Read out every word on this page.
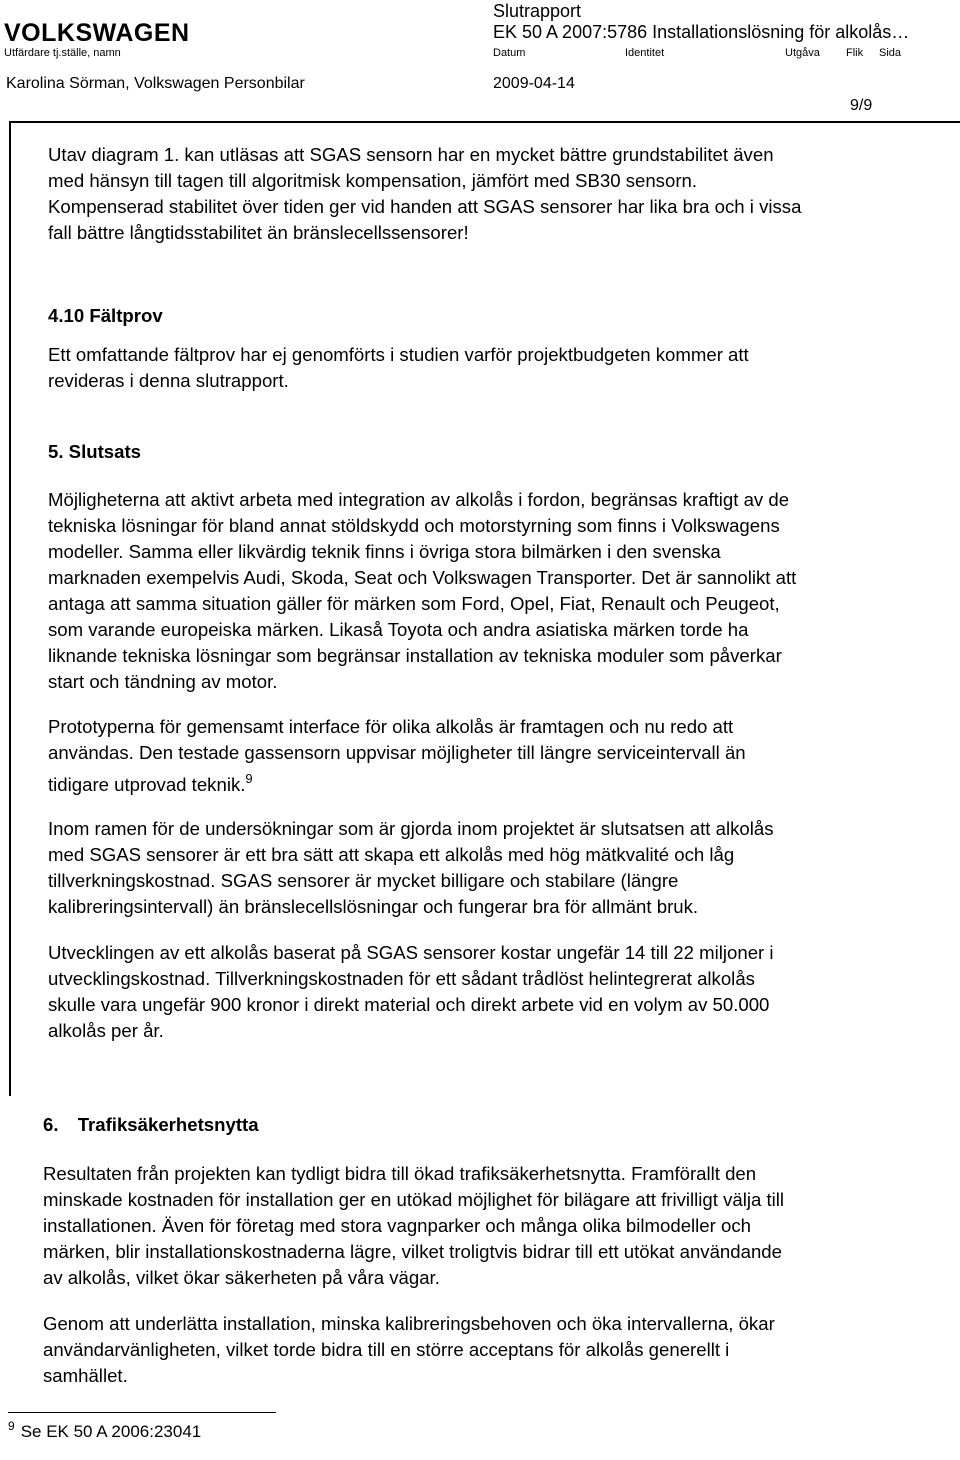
VOLKSWAGEN
Slutrapport
EK 50 A 2007:5786 Installationslösning för alkolås…
Utfärdare tj.ställe, namn	Datum	Identitet	Utgåva Flik Sida
Karolina Sörman, Volkswagen Personbilar	2009-04-14
9/9
Utav diagram 1. kan utläsas att SGAS sensorn har en mycket bättre grundstabilitet även
med hänsyn till tagen till algoritmisk kompensation, jämfört med SB30 sensorn.
Kompenserad stabilitet över tiden ger vid handen att SGAS sensorer har lika bra och i vissa
fall bättre långtidsstabilitet än bränslecellssensorer!
4.10 Fältprov
Ett omfattande fältprov har ej genomförts i studien varför projektbudgeten kommer att
revideras i denna slutrapport.
5. Slutsats
Möjligheterna att aktivt arbeta med integration av alkolås i fordon, begränsas kraftigt av de
tekniska lösningar för bland annat stöldskydd och motorstyrning som finns i Volkswagens
modeller. Samma eller likvärdig teknik finns i övriga stora bilmärken i den svenska
marknaden exempelvis Audi, Skoda, Seat och Volkswagen Transporter. Det är sannolikt att
antaga att samma situation gäller för märken som Ford, Opel, Fiat, Renault och Peugeot,
som varande europeiska märken. Likaså Toyota och andra asiatiska märken torde ha
liknande tekniska lösningar som begränsar installation av tekniska moduler som påverkar
start och tändning av motor.
Prototyperna för gemensamt interface för olika alkolås är framtagen och nu redo att
användas. Den testade gassensorn uppvisar möjligheter till längre serviceintervall än
tidigare utprovad teknik.$^9$
Inom ramen för de undersökningar som är gjorda inom projektet är slutsatsen att alkolås
med SGAS sensorer är ett bra sätt att skapa ett alkolås med hög mätkvalité och låg
tillverkningskostnad. SGAS sensorer är mycket billigare och stabilare (längre
kalibreringsintervall) än bränslecellslösningar och fungerar bra för allmänt bruk.
Utvecklingen av ett alkolås baserat på SGAS sensorer kostar ungefär 14 till 22 miljoner i
utvecklingskostnad. Tillverkningskostnaden för ett sådant trådlöst helintegrerat alkolås
skulle vara ungefär 900 kronor i direkt material och direkt arbete vid en volym av 50.000
alkolås per år.
6. Trafiksäkerhetsnytta
Resultaten från projekten kan tydligt bidra till ökad trafiksäkerhetsnytta. Framförallt den
minskade kostnaden för installation ger en utökad möjlighet för bilägare att frivilligt välja till
installationen. Även för företag med stora vagnparker och många olika bilmodeller och
märken, blir installationskostnaderna lägre, vilket troligtvis bidrar till ett utökat användande
av alkolås, vilket ökar säkerheten på våra vägar.
Genom att underlätta installation, minska kalibreringsbehoven och öka intervallerna, ökar
användarvänligheten, vilket torde bidra till en större acceptans för alkolås generellt i
samhället.
$^9$ Se EK 50 A 2006:23041
